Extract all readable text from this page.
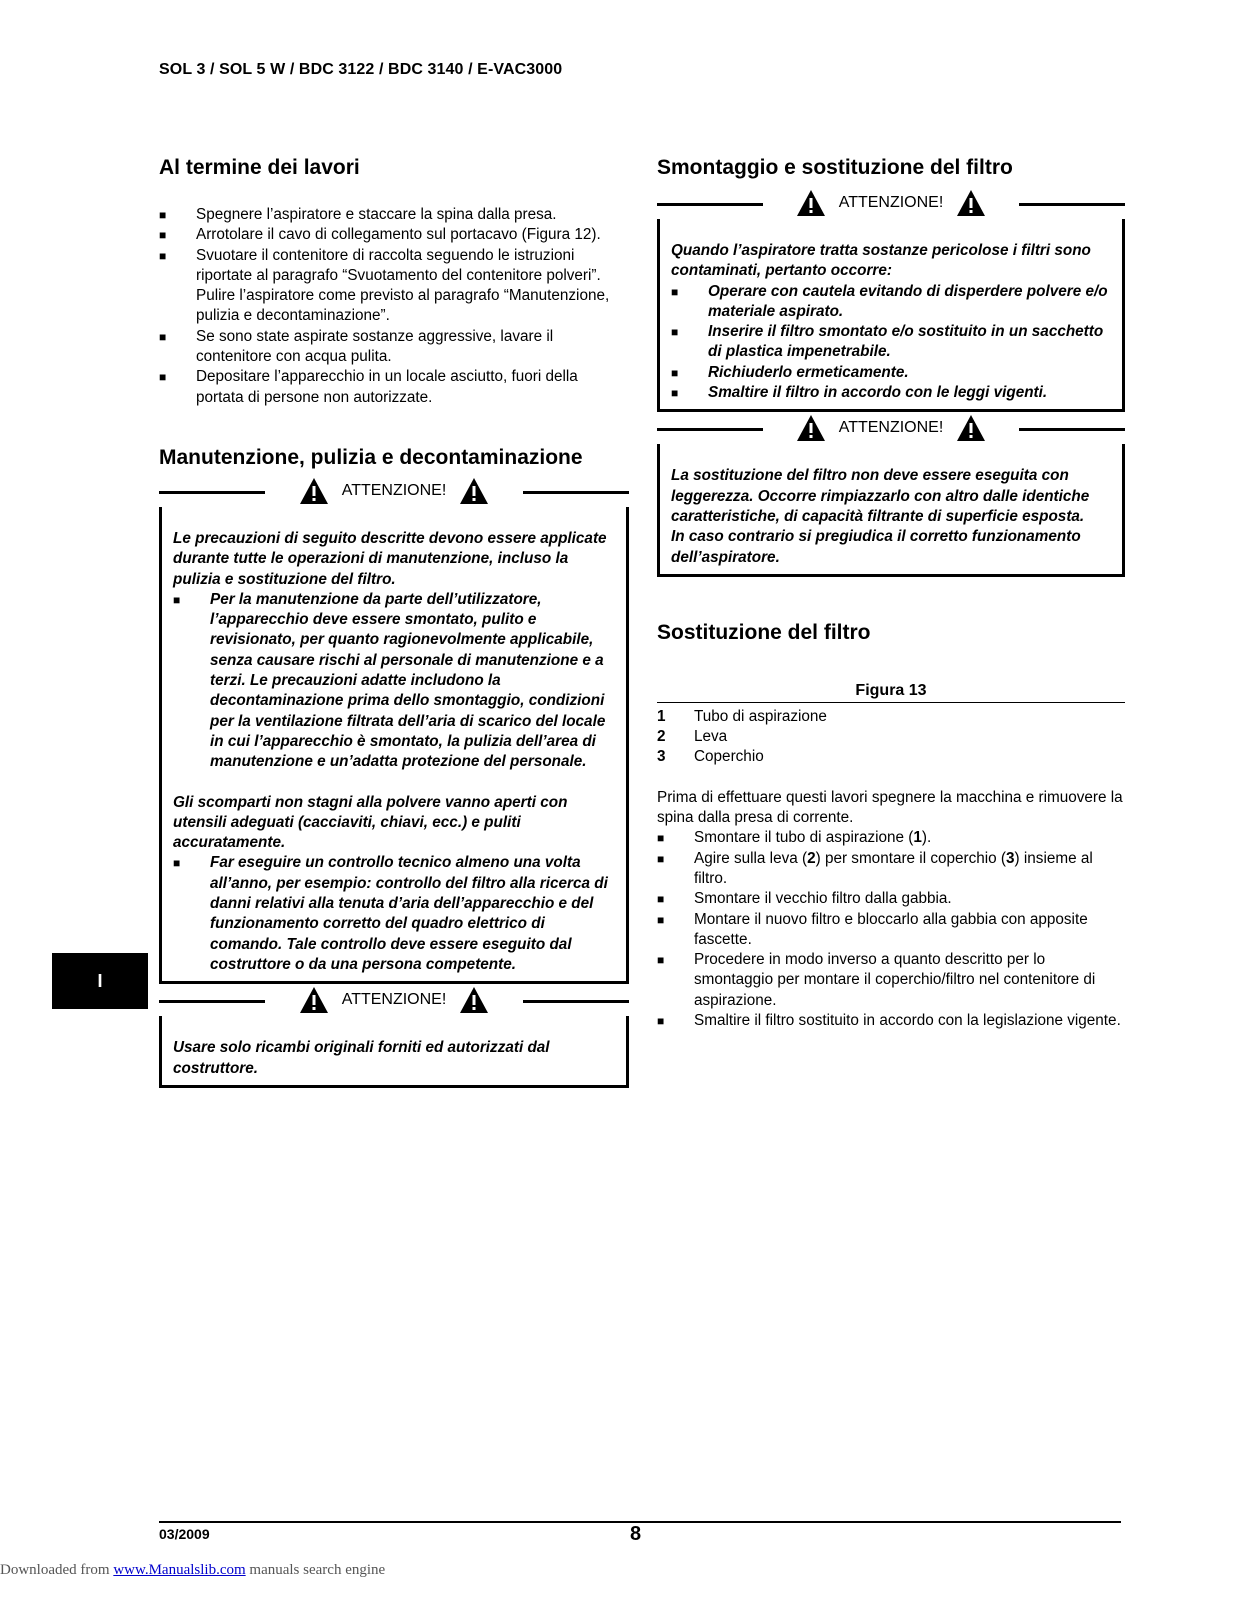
SOL 3 / SOL 5 W / BDC 3122 / BDC 3140 / E-VAC3000
Al termine dei lavori
■ Spegnere l’aspiratore e staccare la spina dalla presa.
■ Arrotolare il cavo di collegamento sul portacavo (Figura 12).
■ Svuotare il contenitore di raccolta seguendo le istruzioni riportate al paragrafo “Svuotamento del contenitore polveri”. Pulire l’aspiratore come previsto al paragrafo “Manutenzione, pulizia e decontaminazione”.
■ Se sono state aspirate sostanze aggressive, lavare il contenitore con acqua pulita.
■ Depositare l’apparecchio in un locale asciutto, fuori della portata di persone non autorizzate.
Manutenzione, pulizia e decontaminazione
ATTENZIONE!

Le precauzioni di seguito descritte devono essere applicate durante tutte le operazioni di manutenzione, incluso la pulizia e sostituzione del filtro.

■ Per la manutenzione da parte dell’utilizzatore, l’apparecchio deve essere smontato, pulito e revisionato, per quanto ragionevolmente applicabile, senza causare rischi al personale di manutenzione e a terzi. Le precauzioni adatte includono la decontaminazione prima dello smontaggio, condizioni per la ventilazione filtrata dell’aria di scarico del locale in cui l’apparecchio è smontato, la pulizia dell’area di manutenzione e un’adatta protezione del personale.

Gli scomparti non stagni alla polvere vanno aperti con utensili adeguati (cacciaviti, chiavi, ecc.) e puliti accuratamente.

■ Far eseguire un controllo tecnico almeno una volta all’anno, per esempio: controllo del filtro alla ricerca di danni relativi alla tenuta d’aria dell’apparecchio e del funzionamento corretto del quadro elettrico di comando. Tale controllo deve essere eseguito dal costruttore o da una persona competente.
ATTENZIONE!

Usare solo ricambi originali forniti ed autorizzati dal costruttore.

Smontaggio e sostituzione del filtro
ATTENZIONE!

Quando l’aspiratore tratta sostanze pericolose i filtri sono contaminati, pertanto occorre:

■ Operare con cautela evitando di disperdere polvere e/o materiale aspirato.
■ Inserire il filtro smontato e/o sostituito in un sacchetto di plastica impenetrabile.
■ Richiuderlo ermeticamente.
■ Smaltire il filtro in accordo con le leggi vigenti.
ATTENZIONE!

La sostituzione del filtro non deve essere eseguita con leggerezza. Occorre rimpiazzarlo con altro dalle identiche caratteristiche, di capacità filtrante di superficie esposta.

In caso contrario si pregiudica il corretto funzionamento dell’aspiratore.

Sostituzione del filtro
Figura 13
1 Tubo di aspirazione
2 Leva
3 Coperchio

Prima di effettuare questi lavori spegnere la macchina e rimuovere la spina dalla presa di corrente.

■ Smontare il tubo di aspirazione (1).
■ Agire sulla leva (2) per smontare il coperchio (3) insieme al filtro.
■ Smontare il vecchio filtro dalla gabbia.
■ Montare il nuovo filtro e bloccarlo alla gabbia con apposite fascette.
■ Procedere in modo inverso a quanto descritto per lo smontaggio per montare il coperchio/filtro nel contenitore di aspirazione.
■ Smaltire il filtro sostituito in accordo con la legislazione vigente.
I
03/2009	8
Downloaded from www.Manualslib.com manuals search engine
